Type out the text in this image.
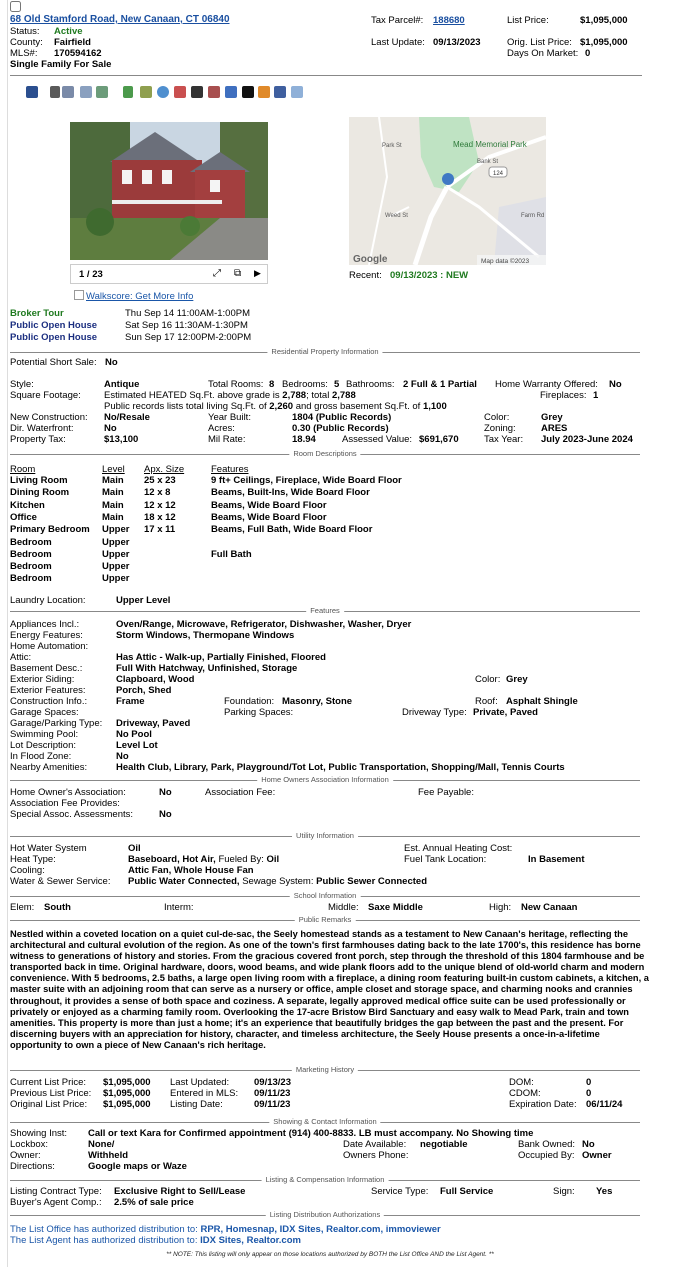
68 Old Stamford Road, New Canaan, CT 06840
Status: Active
County: Fairfield
MLS#: 170594162
Single Family For Sale
Tax Parcel#: 188680	List Price:	$1,095,000
Last Update: 09/13/2023	Orig. List Price: $1,095,000
Days On Market: 0
1 / 23	⤢ ⧉ ▶
Mead Memorial Park
124
Bank St
Farm Rd
Weed St
Park St
Google	Map data ©2023
Recent: 09/13/2023 : NEW
Walkscore: Get More Info
Broker Tour	Thu Sep 14 11:00AM-1:00PM
Public Open House	Sat Sep 16 11:30AM-1:30PM
Public Open House	Sun Sep 17 12:00PM-2:00PM
Residential Property Information
Potential Short Sale: No
Style:	Antique	Total Rooms: 8 Bedrooms: 5 Bathrooms: 2 Full & 1 Partial Home Warranty Offered: No
Square Footage: Estimated HEATED Sq.Ft. above grade is 2,788; total 2,788	Fireplaces: 1
Public records lists total living Sq.Ft. of 2,260 and gross basement Sq.Ft. of 1,100
New Construction: No/Resale	Year Built:	1804 (Public Records)	Color:	Grey
Dir. Waterfront:	No	Acres:	0.30 (Public Records)	Zoning:	ARES
Property Tax:	$13,100	Mil Rate:	18.94	Assessed Value: $691,670	Tax Year: July 2023-June 2024
Room Descriptions
Room	Level Apx. Size	Features
Living Room	Main 25 x 23	9 ft+ Ceilings, Fireplace, Wide Board Floor
Dining Room	Main 12 x 8	Beams, Built-Ins, Wide Board Floor
Kitchen	Main 12 x 12	Beams, Wide Board Floor
Office	Main 18 x 12	Beams, Wide Board Floor
Primary Bedroom Upper 17 x 11	Beams, Full Bath, Wide Board Floor
Bedroom	Upper
Bedroom	Upper	Full Bath
Bedroom	Upper
Bedroom	Upper
Laundry Location:	Upper Level
Features
Appliances Incl.:	Oven/Range, Microwave, Refrigerator, Dishwasher, Washer, Dryer
Energy Features:	Storm Windows, Thermopane Windows
Home Automation:
Attic:	Has Attic - Walk-up, Partially Finished, Floored
Basement Desc.:	Full With Hatchway, Unfinished, Storage
Exterior Siding:	Clapboard, Wood	Color: Grey
Exterior Features:	Porch, Shed
Construction Info.:	Frame	Foundation: Masonry, Stone	Roof: Asphalt Shingle
Garage Spaces:	Parking Spaces:	Driveway Type: Private, Paved
Garage/Parking Type: Driveway, Paved
Swimming Pool:	No Pool
Lot Description:	Level Lot
In Flood Zone:	No
Nearby Amenities:	Health Club, Library, Park, Playground/Tot Lot, Public Transportation, Shopping/Mall, Tennis Courts
Home Owners Association Information
Home Owner's Association:	No	Association Fee:	Fee Payable:
Association Fee Provides:
Special Assoc. Assessments:	No
Utility Information
Hot Water System	Oil	Est. Annual Heating Cost:
Heat Type:	Baseboard, Hot Air, Fueled By: Oil	Fuel Tank Location:	In Basement
Cooling:	Attic Fan, Whole House Fan
Water & Sewer Service: Public Water Connected, Sewage System: Public Sewer Connected
School Information
Elem: South	Interm:	Middle: Saxe Middle	High: New Canaan
Public Remarks
Nestled within a coveted location on a quiet cul-de-sac, the Seely homestead stands as a testament to New Canaan's heritage, reflecting the architectural and cultural evolution of the region. As one of the town's first farmhouses dating back to the late 1700's, this residence has borne witness to generations of history and stories. From the gracious covered front porch, step through the threshold of this 1804 farmhouse and be transported back in time. Original hardware, doors, wood beams, and wide plank floors add to the unique blend of old-world charm and modern convenience. With 5 bedrooms, 2.5 baths, a large open living room with a fireplace, a dining room featuring built-in custom cabinets, a kitchen, a master suite with an adjoining room that can serve as a nursery or office, ample closet and storage space, and charming nooks and crannies throughout, it provides a sense of both space and coziness. A separate, legally approved medical office suite can be used professionally or privately or enjoyed as a charming family room. Overlooking the 17-acre Bristow Bird Sanctuary and easy walk to Mead Park, train and town amenities. This property is more than just a home; it's an experience that beautifully bridges the gap between the past and the present. For discerning buyers with an appreciation for history, character, and timeless architecture, the Seely House presents a once-in-a-lifetime opportunity to own a piece of New Canaan's rich heritage.
Marketing History
Current List Price: $1,095,000 Last Updated:	09/13/23	DOM:	0
Previous List Price: $1,095,000 Entered in MLS: 09/11/23	CDOM:	0
Original List Price: $1,095,000 Listing Date:	09/11/23	Expiration Date: 06/11/24
Showing & Contact Information
Showing Inst: Call or text Kara for Confirmed appointment (914) 400-8833. LB must accompany. No Showing time
Lockbox:	None/	Date Available: negotiable	Bank Owned: No
Owner:	Withheld	Owners Phone:	Occupied By: Owner
Directions:	Google maps or Waze
Listing & Compensation Information
Listing Contract Type: Exclusive Right to Sell/Lease	Service Type: Full Service	Sign: Yes
Buyer's Agent Comp.: 2.5% of sale price
Listing Distribution Authorizations
The List Office has authorized distribution to: RPR, Homesnap, IDX Sites, Realtor.com, immoviewer
The List Agent has authorized distribution to: IDX Sites, Realtor.com
** NOTE: This listing will only appear on those locations authorized by BOTH the List Office AND the List Agent. **
